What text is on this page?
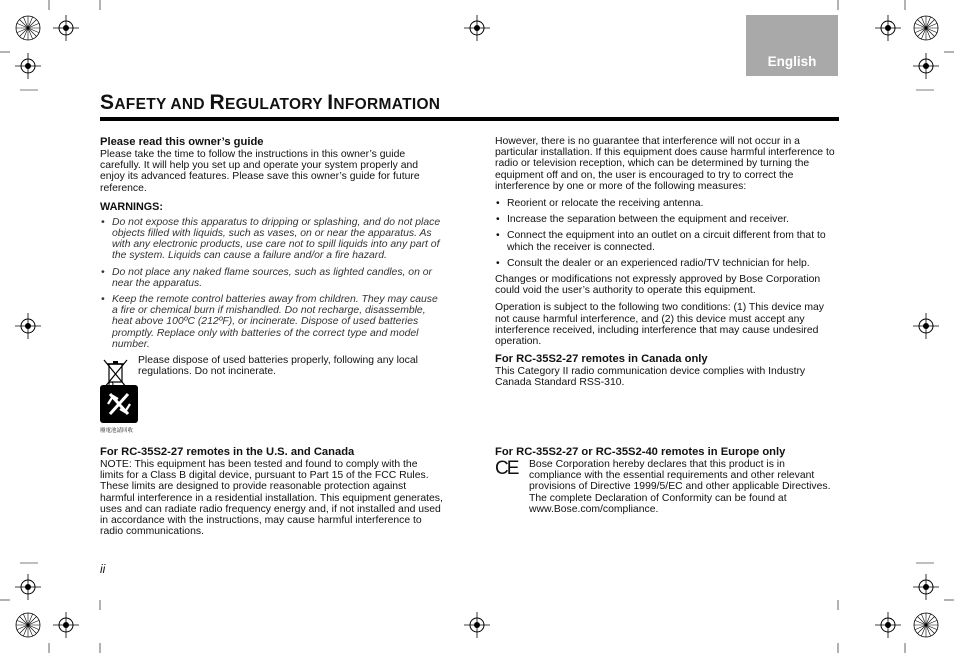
English
SAFETY AND REGULATORY INFORMATION
Please read this owner’s guide

Please take the time to follow the instructions in this owner’s guide carefully. It will help you set up and operate your system properly and enjoy its advanced features. Please save this owner’s guide for future reference.

WARNINGS:
• Do not expose this apparatus to dripping or splashing, and do not place objects filled with liquids, such as vases, on or near the apparatus. As with any electronic products, use care not to spill liquids into any part of the system. Liquids can cause a failure and/or a fire hazard.
• Do not place any naked flame sources, such as lighted candles, on or near the apparatus.
• Keep the remote control batteries away from children. They may cause a fire or chemical burn if mishandled. Do not recharge, disassemble, heat above 100ºC (212ºF), or incinerate. Dispose of used batteries promptly. Replace only with batteries of the correct type and model number.

Please dispose of used batteries properly, following any local regulations. Do not incinerate.

廢電池請回收
For RC-35S2-27 remotes in the U.S. and Canada

NOTE: This equipment has been tested and found to comply with the limits for a Class B digital device, pursuant to Part 15 of the FCC Rules. These limits are designed to provide reasonable protection against harmful interference in a residential installation. This equipment generates, uses and can radiate radio frequency energy and, if not installed and used in accordance with the instructions, may cause harmful interference to radio communications.

However, there is no guarantee that interference will not occur in a particular installation. If this equipment does cause harmful interference to radio or television reception, which can be determined by turning the equipment off and on, the user is encouraged to try to correct the interference by one or more of the following measures:

• Reorient or relocate the receiving antenna.
• Increase the separation between the equipment and receiver.
• Connect the equipment into an outlet on a circuit different from that to which the receiver is connected.
• Consult the dealer or an experienced radio/TV technician for help.

Changes or modifications not expressly approved by Bose Corporation could void the user’s authority to operate this equipment.

Operation is subject to the following two conditions: (1) This device may not cause harmful interference, and (2) this device must accept any interference received, including interference that may cause undesired operation.

For RC-35S2-27 remotes in Canada only

This Category II radio communication device complies with Industry Canada Standard RSS-310.

For RC-35S2-27 or RC-35S2-40 remotes in Europe only
CE	Bose Corporation hereby declares that this product is in compliance with the essential requirements and other relevant provisions of Directive 1999/5/EC and other applicable Directives. The complete Declaration of Conformity can be found at www.Bose.com/compliance.

ii
